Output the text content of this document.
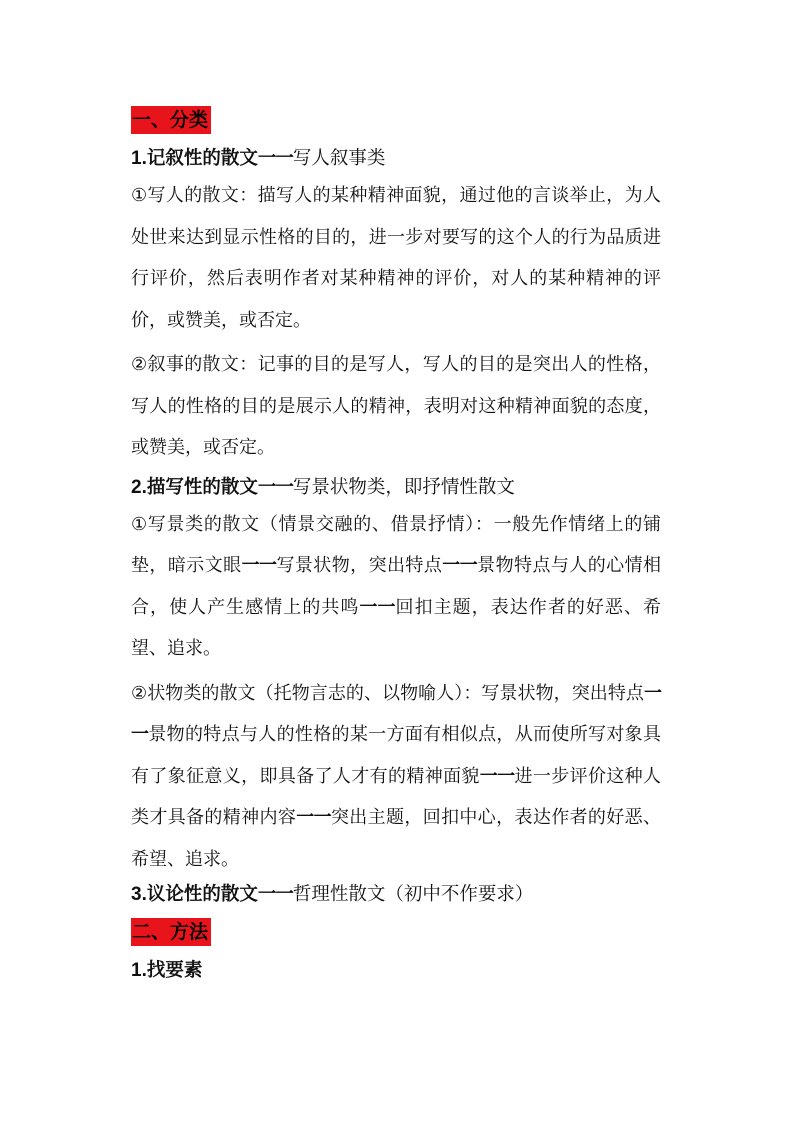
一、分类
1.记叙性的散文一一写人叙事类
①写人的散文：描写人的某种精神面貌，通过他的言谈举止，为人处世来达到显示性格的目的，进一步对要写的这个人的行为品质进行评价，然后表明作者对某种精神的评价，对人的某种精神的评价，或赞美，或否定。
②叙事的散文：记事的目的是写人，写人的目的是突出人的性格，写人的性格的目的是展示人的精神，表明对这种精神面貌的态度，或赞美，或否定。
2.描写性的散文一一写景状物类，即抒情性散文
①写景类的散文（情景交融的、借景抒情）：一般先作情绪上的铺垫，暗示文眼一一写景状物，突出特点一一景物特点与人的心情相合，使人产生感情上的共鸣一一回扣主题，表达作者的好恶、希望、追求。
②状物类的散文（托物言志的、以物喻人）：写景状物，突出特点一一景物的特点与人的性格的某一方面有相似点，从而使所写对象具有了象征意义，即具备了人才有的精神面貌一一进一步评价这种人类才具备的精神内容一一突出主题，回扣中心，表达作者的好恶、希望、追求。
3.议论性的散文一一哲理性散文（初中不作要求）
二、方法
1.找要素
